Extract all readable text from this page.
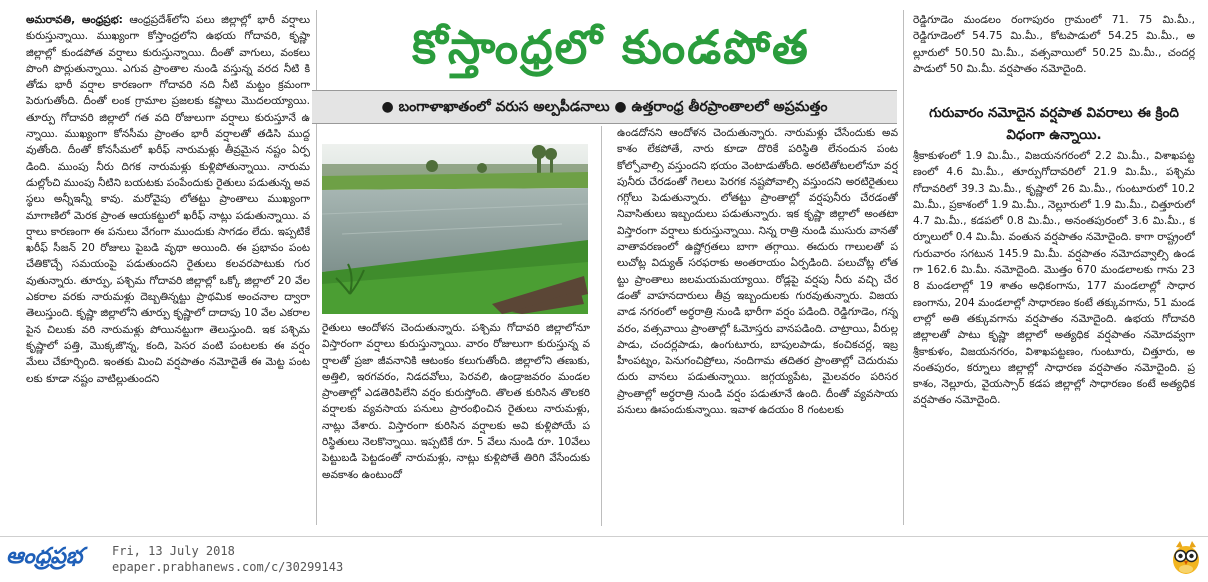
అమరావతి, ఆంధ్రప్రభ: ఆంధ్రప్రదేశ్‌లోని పలు జిల్లాల్లో భారీ వర్షాలు కురుస్తున్నాయి. ముఖ్యంగా కోస్తాంధ్రలోని ఉభయ గోదావరి, కృష్ణా జిల్లాల్లో కుండపోత వర్షాలు కురుస్తున్నాయి. దీంతో వాగులు, వంకలు పొంగి పొర్లుతున్నాయి. ఎగువ ప్రాంతాల నుండి వస్తున్న వరద నీటి కి తోడు భారీ వర్షాల కారణంగా గోదావరి నది నీటి మట్టం క్రమంగా పెరుగుతోంది. దీంతో లంక గ్రామాల ప్రజలకు కష్టాలు మొదలయ్యాయి. తూర్పు గోదావరి జిల్లాలో గత వది రోజులుగా వర్షాలు కురుస్తూనే ఉన్నాయి. ముఖ్యంగా కోనసీమ ప్రాంతం భారీ వర్షాలతో తడిసి ముద్దవుతోంది. దీంతో కోనసీమలో ఖరీఫ్ నారుమళ్లు తీవ్రమైన నష్టం ఏర్పడింది. ముంపు నీరు దిగక నారుమళ్లు కుళ్లిపోతున్నాయి. నారుమడుల్లోంచి ముంపు నీటిని బయటకు పంపేందుకు రైతులు పడుతున్న అవస్థలు అన్నీఇన్నీ కావు. మరోవైపు లోతట్టు ప్రాంతాలు ముఖ్యంగా మాగాణిలో మెరక ప్రాంత ఆయకట్టులో ఖరీఫ్ నాట్లు పడుతున్నాయి. వర్షాలు కారణంగా ఈ పనులు వేగంగా ముందుకు సాగడం లేదు. ఇప్పటికే ఖరీఫ్ సీజన్ 20 రోజులు పైబడి వృథా అయింది. ఈ ప్రభావం పంట చేతికొచ్చే సమయంపై పడుతుందని రైతులు కలవరపాటుకు గురవుతున్నారు. తూర్పు, పశ్చిమ గోదావరి జిల్లాల్లో ఒక్కో జిల్లాలో 20 వేల ఎకరాల వరకు నారుమళ్లు దెబ్బతిన్నట్టు ప్రాథమిక అంచనాల ద్వారా తెలుస్తుంది. కృష్ణా జిల్లాలోని తూర్పు కృష్ణాలో దాదాపు 10 వేల ఎకరాలపైన చిలుకు వరి నారుమళ్లు పోయినట్టుగా తెలుస్తుంది. ఇక పశ్చిమ కృష్ణాలో పత్తి, మొక్కజొన్న, కంది, పెసర వంటి పంటలకు ఈ వర్షం మేలు చేకూర్చింది. ఇంతకు మించి వర్షపాతం నమోదైతే ఈ మెట్ట పంటలకు కూడా నష్టం వాటిల్లుతుందని

కోస్తాంధ్రలో కుండపోత
● బంగాళాఖాతంలో వరుస అల్పపీడనాలు ● ఉత్తరాంధ్ర తీరప్రాంతాలలో అప్రమత్తం

రైతులు ఆందోళన చెందుతున్నారు. పశ్చిమ గోదావరి జిల్లాలోనూ విస్తారంగా వర్షాలు కురుస్తున్నాయి. వారం రోజులుగా కురుస్తున్న వర్షాలతో ప్రజా జీవనానికి ఆటంకం కలుగుతోంది. జిల్లాలోని తణుకు, అత్తిలి, ఇరగవరం, నిడదవోలు, పెరవలి, ఉండ్రాజవరం మండల ప్రాంతాల్లో ఎడతెరిపిలేని వర్షం కురుస్తోంది. తొలత కురిసిన తొలకరి వర్షాలకు వ్యవసాయ పనులు ప్రారంభించిన రైతులు నారుమళ్లు, నాట్లు వేశారు. విస్తారంగా కురిసిన వర్షాలకు అవి కుళ్లిపోయే పరిస్థితులు నెలకొన్నాయి. ఇప్పటికే రూ. 5 వేలు నుండి రూ. 10వేలు పెట్టుబడి పెట్టడంతో నారుమళ్లు, నాట్లు కుళ్లిపోతే తిరిగి వేసేందుకు అవకాశం ఉంటుందో

ఉండదోనని ఆందోళన చెందుతున్నారు. నారుమళ్లు చేసేందుకు అవకాశం లేకపోతే, నారు కూడా దొరికే పరిస్థితి లేనందున పంట కోల్పోవాల్సి వస్తుందని భయం వెంటాడుతోంది. అరటితోటలలోనూ వర్షపునీరు చేరడంతో గెలలు పెరగక నష్టపోవాల్సి వస్తుందని అరటిరైతులు గగ్గోలు పెడుతున్నారు. లోతట్టు ప్రాంతాల్లో వర్షపునీరు చేరడంతో నివాసితులు ఇబ్బందులు పడుతున్నారు. ఇక కృష్ణా జిల్లాలో అంతటా విస్తారంగా వర్షాలు కురుస్తున్నాయి. నిన్న రాత్రి నుండి ముసురు వానతో వాతావరణంలో ఉష్ణోగ్రతలు బాగా తగ్గాయి. ఈదురు గాలులతో పలుచోట్ల విద్యుత్ సరఫరాకు అంతరాయం ఏర్పడింది. పలుచోట్ల లోతట్టు ప్రాంతాలు జలమయమయ్యాయి. రోడ్లపై వర్షపు నీరు వచ్చి చేరడంతో వాహనదారులు తీవ్ర ఇబ్బందులకు గురవుతున్నారు. విజయవాడ నగరంలో అర్ధరాత్రి నుండి భారీగా వర్షం పడింది. రెడ్డిగూడెం, గన్నవరం, వత్సవాయి ప్రాంతాల్లో ఓమోస్తరు వానపడింది. చాట్రాయి, వీరుల్లపాడు, చందర్లపాడు, ఉంగుటూరు, బాపులపాడు, కంచికచర్ల, ఇబ్రహీంపట్నం, పెనుగంచిప్రోలు, నందిగామ తదితర ప్రాంతాల్లో చెదురుమదురు వానలు పడుతున్నాయి. జగ్గయ్యపేట, మైలవరం పరిసర ప్రాంతాల్లో అర్ధరాత్రి నుండి వర్షం పడుతూనే ఉంది. దీంతో వ్యవసాయ పనులు ఊపందుకున్నాయి. ఇవాళ ఉదయం 8 గంటలకు

రెడ్డిగూడెం మండలం రంగాపురం గ్రామంలో 71. 75 మి.మీ., రెడ్డిగూడెంలో 54.75 మి.మీ., కోటపాడులో 54.25 మి.మీ., అల్లూరులో 50.50 మి.మీ., వత్సవాయిలో 50.25 మి.మీ., చందర్లపాడులో 50 మి.మీ. వర్షపాతం నమోదైంది.

గురువారం నమోదైన వర్షపాత వివరాలు ఈ క్రింది విధంగా ఉన్నాయి.

శ్రీకాకుళంలో 1.9 మి.మీ., విజయనగరంలో 2.2 మి.మీ., విశాఖపట్టణంలో 4.6 మి.మీ., తూర్పుగోదావరిలో 21.9 మి.మీ., పశ్చిమ గోదావరిలో 39.3 మి.మీ., కృష్ణాలో 26 మి.మీ., గుంటూరులో 10.2 మి.మీ., ప్రకాశంలో 1.9 మి.మీ., నెల్లూరులో 1.9 మి.మీ., చిత్తూరులో 4.7 మి.మీ., కడపలో 0.8 మి.మీ., అనంతపురంలో 3.6 మి.మీ., కర్నూలులో 0.4 మి.మీ. వంతున వర్షపాతం నమోదైంది. కాగా రాష్ట్రంలో గురువారం సగటున 145.9 మి.మీ. వర్షపాతం నమోదవ్వాల్సి ఉండగా 162.6 మి.మీ. నమోదైంది. మొత్తం 670 మండలాలకు గాను 238 మండలాల్లో 19 శాతం అధికంగాను, 177 మండలాల్లో సాధారణంగాను, 204 మండలాల్లో సాధారణం కంటే తక్కువగాను, 51 మండలాల్లో అతి తక్కువగాను వర్షపాతం నమోదైంది. ఉభయ గోదావరి జిల్లాలతో పాటు కృష్ణా జిల్లాలో అత్యధిక వర్షపాతం నమోదవ్వగా శ్రీకాకుళం, విజయనగరం, విశాఖపట్టణం, గుంటూరు, చిత్తూరు, అనంతపురం, కర్నూలు జిల్లాల్లో సాధారణ వర్షపాతం నమోదైంది. ప్రకాశం, నెల్లూరు, వైయస్సార్ కడప జిల్లాల్లో సాధారణం కంటే అత్యధిక వర్షపాతం నమోదైంది.

ఆంధ్రప్రభ	Fri, 13 July 2018
epaper.prabhanews.com/c/30299143
